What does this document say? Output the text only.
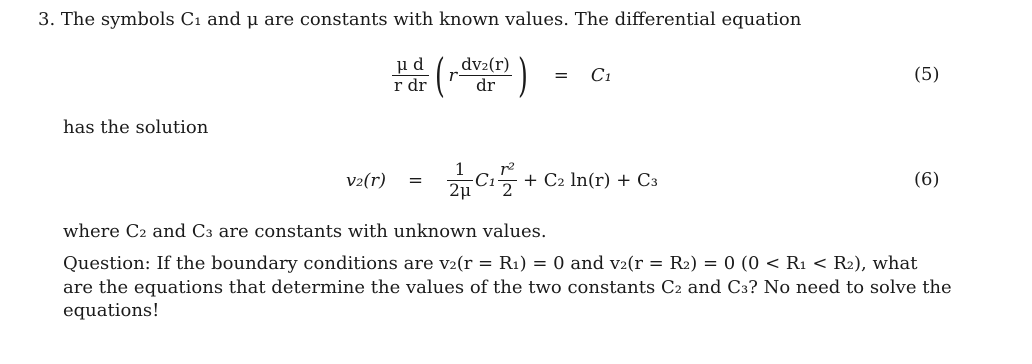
3. The symbols C₁ and μ are constants with known values. The differential equation
$\frac{\text{μ d}}{\text{r dr}}$ ( r $\frac{\text{dv₂(r)}}{dr}$ ) = C₁	(5)
has the solution
$v_2(r) = \frac{1}{2\mu} C_1 \frac{\text{r²}}{2} + C_2$ ln(r) + C₃	(6)
where C₂ and C₃ are constants with unknown values.
Question: If the boundary conditions are v₂(r = R₁) = 0 and v₂(r = R₂) = 0 (0 < R₁ < R₂), what
are the equations that determine the values of the two constants C₂ and C₃? No need to solve the
equations!
